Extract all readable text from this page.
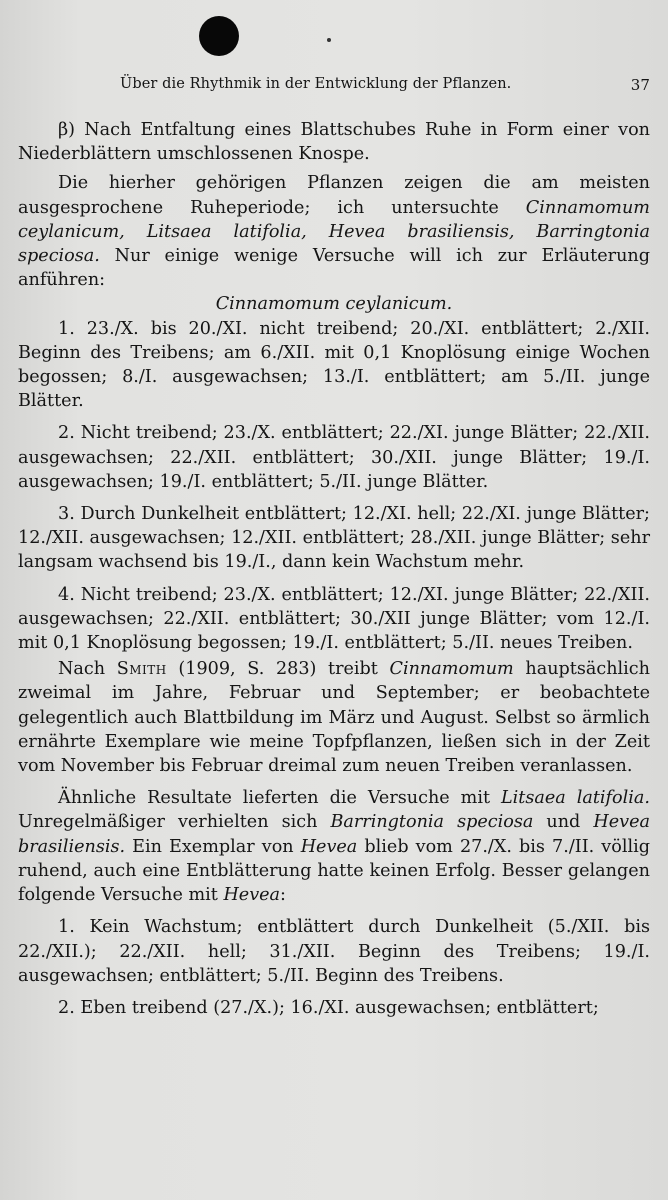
Über die Rhythmik in der Entwicklung der Pflanzen.	37

β) Nach Entfaltung eines Blattschubes Ruhe in Form einer von Niederblättern umschlossenen Knospe.

Die hierher gehörigen Pflanzen zeigen die am meisten ausgesprochene Ruheperiode; ich untersuchte Cinnamomum ceylanicum, Litsaea latifolia, Hevea brasiliensis, Barringtonia speciosa. Nur einige wenige Versuche will ich zur Erläuterung anführen:

Cinnamomum ceylanicum.

1. 23./X. bis 20./XI. nicht treibend; 20./XI. entblättert; 2./XII. Beginn des Treibens; am 6./XII. mit 0,1 Knoplösung einige Wochen begossen; 8./I. ausgewachsen; 13./I. entblättert; am 5./II. junge Blätter.

2. Nicht treibend; 23./X. entblättert; 22./XI. junge Blätter; 22./XII. ausgewachsen; 22./XII. entblättert; 30./XII. junge Blätter; 19./I. ausgewachsen; 19./I. entblättert; 5./II. junge Blätter.

3. Durch Dunkelheit entblättert; 12./XI. hell; 22./XI. junge Blätter; 12./XII. ausgewachsen; 12./XII. entblättert; 28./XII. junge Blätter; sehr langsam wachsend bis 19./I., dann kein Wachstum mehr.

4. Nicht treibend; 23./X. entblättert; 12./XI. junge Blätter; 22./XII. ausgewachsen; 22./XII. entblättert; 30./XII junge Blätter; vom 12./I. mit 0,1 Knoplösung begossen; 19./I. entblättert; 5./II. neues Treiben.

Nach Smith (1909, S. 283) treibt Cinnamomum hauptsächlich zweimal im Jahre, Februar und September; er beobachtete gelegentlich auch Blattbildung im März und August. Selbst so ärmlich ernährte Exemplare wie meine Topfpflanzen, ließen sich in der Zeit vom November bis Februar dreimal zum neuen Treiben veranlassen.

Ähnliche Resultate lieferten die Versuche mit Litsaea latifolia. Unregelmäßiger verhielten sich Barringtonia speciosa und Hevea brasiliensis. Ein Exemplar von Hevea blieb vom 27./X. bis 7./II. völlig ruhend, auch eine Entblätterung hatte keinen Erfolg. Besser gelangen folgende Versuche mit Hevea:

1. Kein Wachstum; entblättert durch Dunkelheit (5./XII. bis 22./XII.); 22./XII. hell; 31./XII. Beginn des Treibens; 19./I. ausgewachsen; entblättert; 5./II. Beginn des Treibens.

2. Eben treibend (27./X.); 16./XI. ausgewachsen; entblättert;
